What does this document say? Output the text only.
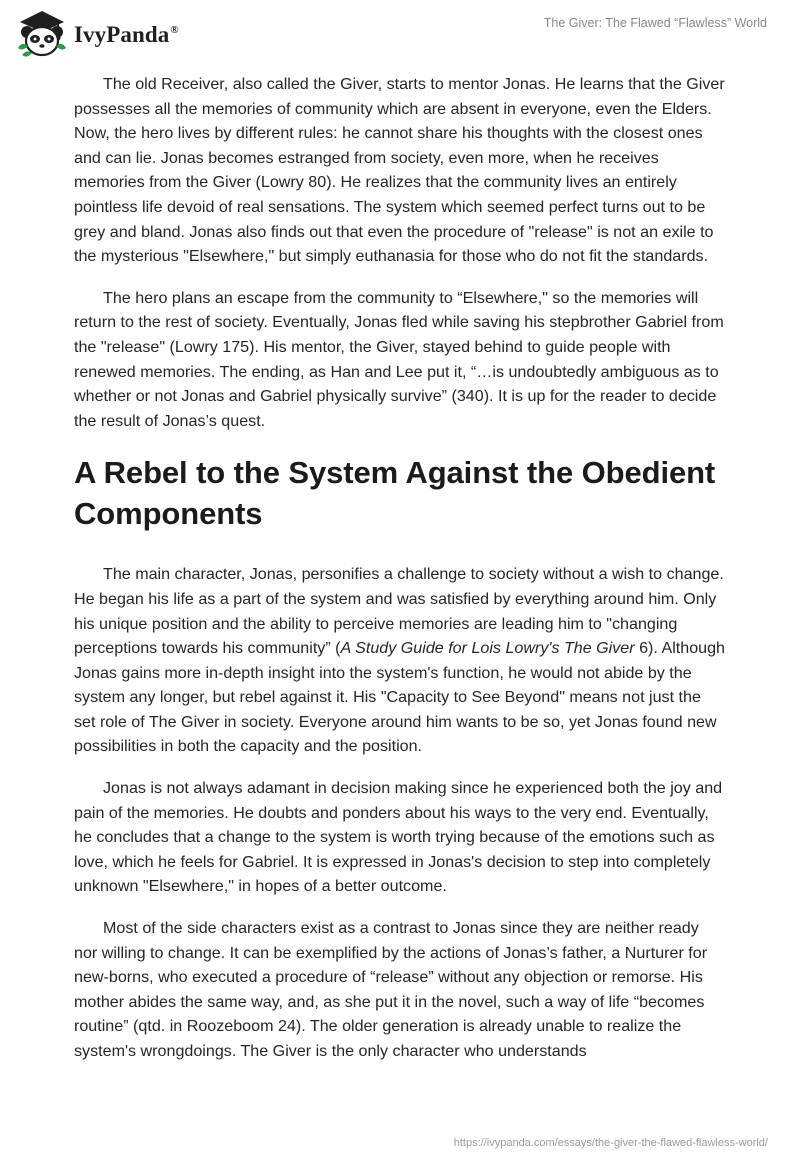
IvyPanda®
The Giver: The Flawed “Flawless” World

The old Receiver, also called the Giver, starts to mentor Jonas. He learns that the Giver possesses all the memories of community which are absent in everyone, even the Elders. Now, the hero lives by different rules: he cannot share his thoughts with the closest ones and can lie. Jonas becomes estranged from society, even more, when he receives memories from the Giver (Lowry 80). He realizes that the community lives an entirely pointless life devoid of real sensations. The system which seemed perfect turns out to be grey and bland. Jonas also finds out that even the procedure of "release" is not an exile to the mysterious "Elsewhere," but simply euthanasia for those who do not fit the standards.

The hero plans an escape from the community to “Elsewhere," so the memories will return to the rest of society. Eventually, Jonas fled while saving his stepbrother Gabriel from the "release" (Lowry 175). His mentor, the Giver, stayed behind to guide people with renewed memories. The ending, as Han and Lee put it, “…is undoubtedly ambiguous as to whether or not Jonas and Gabriel physically survive” (340). It is up for the reader to decide the result of Jonas’s quest.

A Rebel to the System Against the Obedient Components

The main character, Jonas, personifies a challenge to society without a wish to change. He began his life as a part of the system and was satisfied by everything around him. Only his unique position and the ability to perceive memories are leading him to "changing perceptions towards his community” (A Study Guide for Lois Lowry's The Giver 6). Although Jonas gains more in-depth insight into the system's function, he would not abide by the system any longer, but rebel against it. His "Capacity to See Beyond" means not just the set role of The Giver in society. Everyone around him wants to be so, yet Jonas found new possibilities in both the capacity and the position.

Jonas is not always adamant in decision making since he experienced both the joy and pain of the memories. He doubts and ponders about his ways to the very end. Eventually, he concludes that a change to the system is worth trying because of the emotions such as love, which he feels for Gabriel. It is expressed in Jonas's decision to step into completely unknown "Elsewhere," in hopes of a better outcome.

Most of the side characters exist as a contrast to Jonas since they are neither ready nor willing to change. It can be exemplified by the actions of Jonas’s father, a Nurturer for new-borns, who executed a procedure of “release” without any objection or remorse. His mother abides the same way, and, as she put it in the novel, such a way of life “becomes routine” (qtd. in Roozeboom 24). The older generation is already unable to realize the system's wrongdoings. The Giver is the only character who understands

https://ivypanda.com/essays/the-giver-the-flawed-flawless-world/
